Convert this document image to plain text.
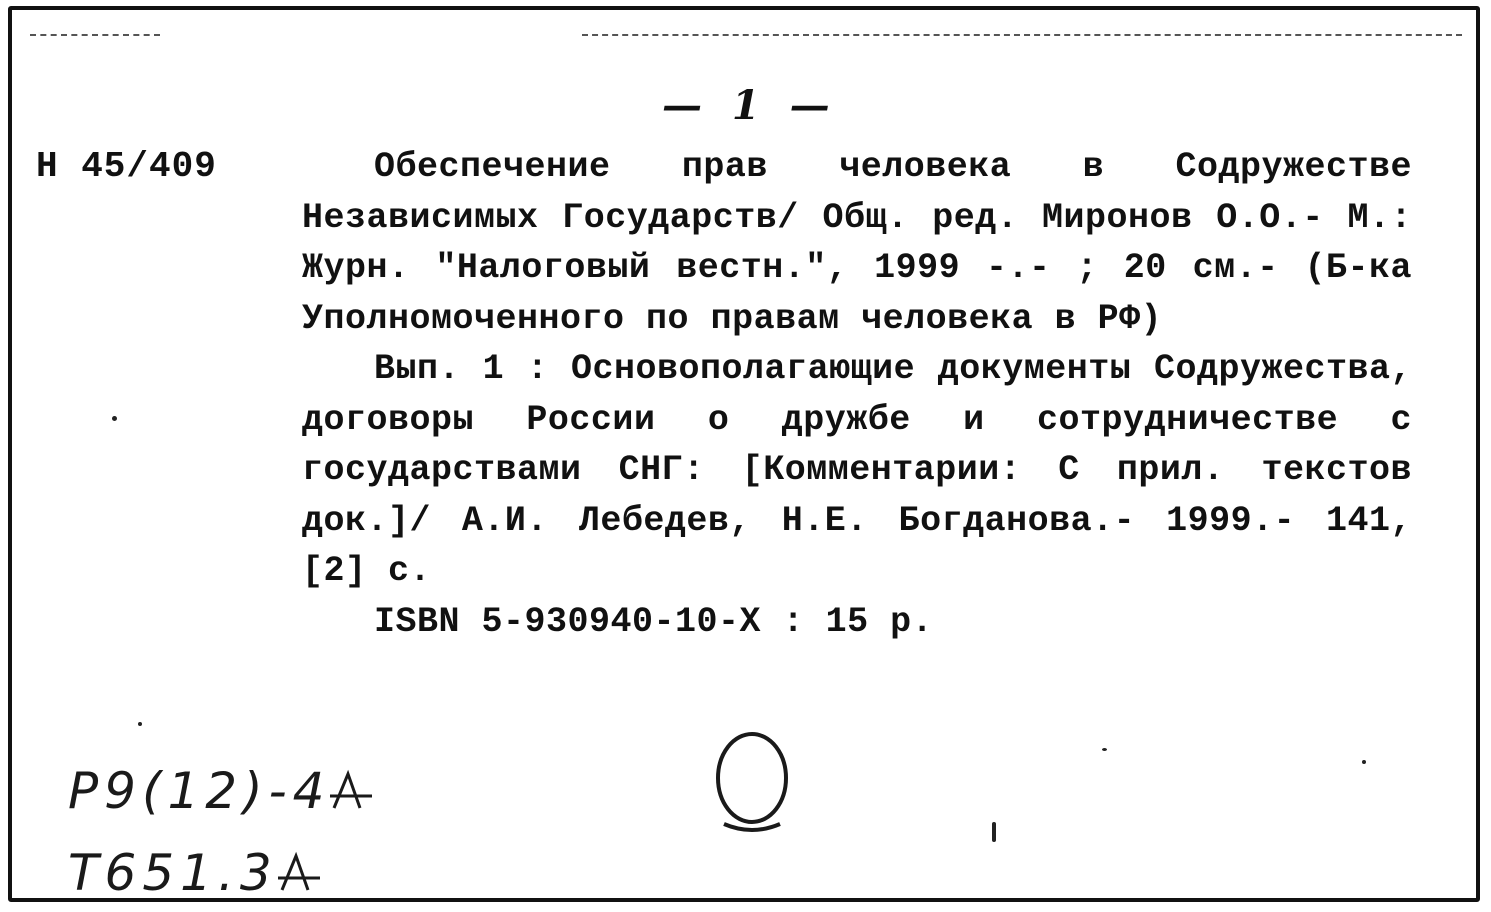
— 1 —
Н 45/409	Обеспечение прав человека в Содружестве Независимых Государств/ Общ. ред. Миронов О.О.- М.: Журн. "Налоговый вестн.", 1999 -.- ; 20 см.- (Б-ка Уполномоченного по правам человека в РФ)

Вып. 1 : Основополагающие документы Содружества, договоры России о дружбе и сотрудничестве с государствами СНГ: [Комментарии: С прил. текстов док.]/ А.И. Лебедев, Н.Е. Богданова.- 1999.- 141, [2] с.

ISBN 5-930940-10-X : 15 р.

Р9(12)-4
Т651.3
